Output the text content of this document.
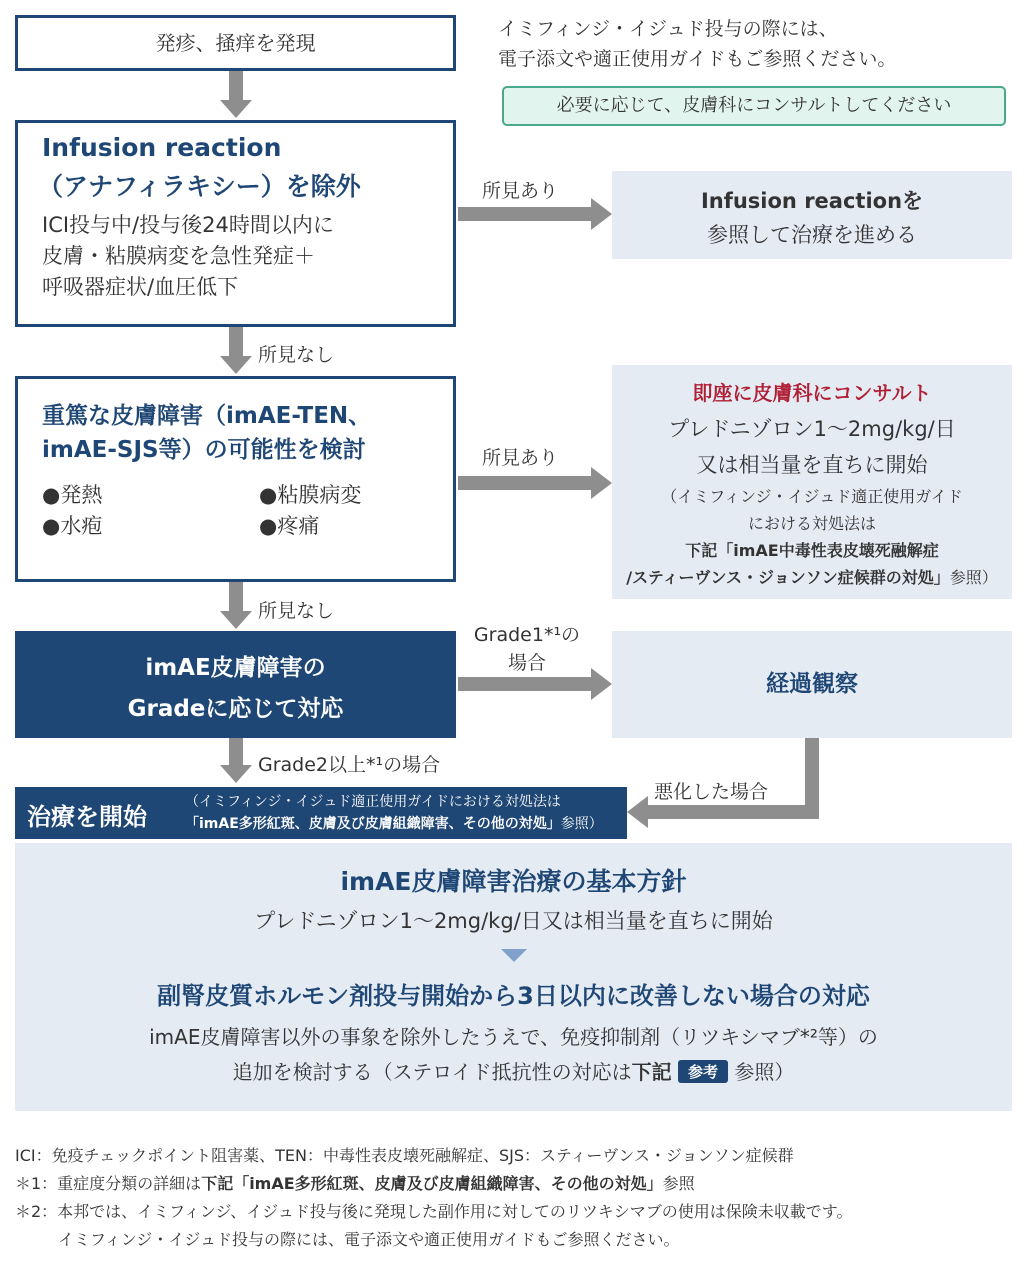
イミフィンジ・イジュド投与の際には、
電子添文や適正使用ガイドもご参照ください。
必要に応じて、皮膚科にコンサルトしてください
発疹、掻痒を発現
Infusion reaction
（アナフィラキシー）を除外
ICI投与中/投与後24時間以内に
皮膚・粘膜病変を急性発症＋
呼吸器症状/血圧低下
所見あり
所見なし
所見あり
所見なし
Grade1*¹の
場合
Grade2以上*¹の場合
悪化した場合
Infusion reactionを
参照して治療を進める
重篤な皮膚障害（imAE-TEN、
imAE-SJS等）の可能性を検討
●発熱	●粘膜病変
●水疱	●疼痛
即座に皮膚科にコンサルト
プレドニゾロン1〜2mg/kg/日
又は相当量を直ちに開始
（イミフィンジ・イジュド適正使用ガイド
における対処法は
下記「imAE中毒性表皮壊死融解症
/スティーヴンス・ジョンソン症候群の対処」参照）
imAE皮膚障害の
Gradeに応じて対応
経過観察
治療を開始
（イミフィンジ・イジュド適正使用ガイドにおける対処法は
「imAE多形紅斑、皮膚及び皮膚組織障害、その他の対処」参照）
imAE皮膚障害治療の基本方針
プレドニゾロン1〜2mg/kg/日又は相当量を直ちに開始
副腎皮質ホルモン剤投与開始から3日以内に改善しない場合の対応
imAE皮膚障害以外の事象を除外したうえで、免疫抑制剤（リツキシマブ*²等）の
追加を検討する（ステロイド抵抗性の対応は下記 参考 参照）
ICI：免疫チェックポイント阻害薬、TEN：中毒性表皮壊死融解症、SJS：スティーヴンス・ジョンソン症候群
＊1：重症度分類の詳細は下記「imAE多形紅斑、皮膚及び皮膚組織障害、その他の対処」参照
＊2：本邦では、イミフィンジ、イジュド投与後に発現した副作用に対してのリツキシマブの使用は保険未収載です。
イミフィンジ・イジュド投与の際には、電子添文や適正使用ガイドもご参照ください。
